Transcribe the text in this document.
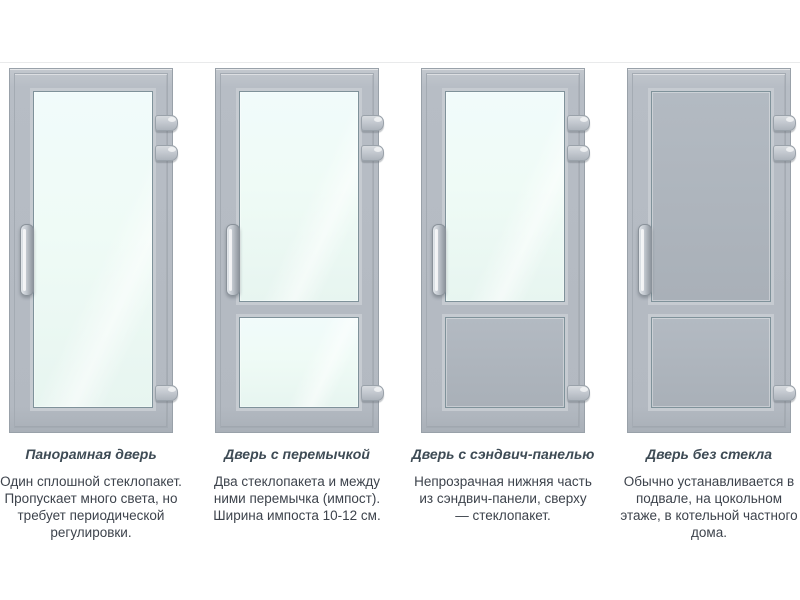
Панорамная дверь
Один сплошной стеклопакет. Пропускает много света, но требует периодической регулировки.
Дверь с перемычкой
Два стеклопакета и между ними перемычка (импост). Ширина импоста 10-12 см.
Дверь с сэндвич-панелью
Непрозрачная нижняя часть из сэндвич-панели, сверху — стеклопакет.
Дверь без стекла
Обычно устанавливается в подвале, на цокольном этаже, в котельной частного дома.
